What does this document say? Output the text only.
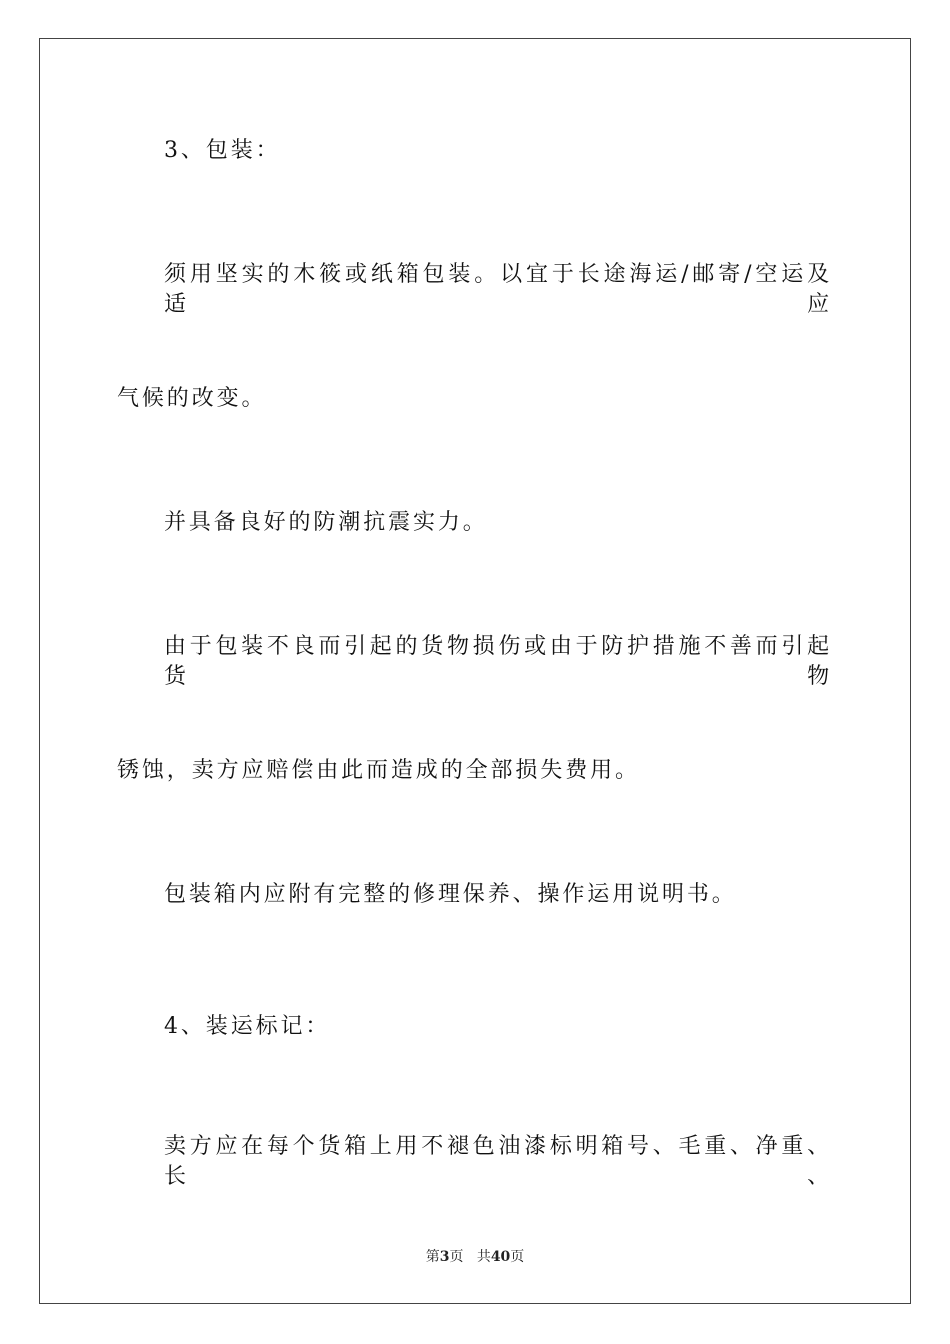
3、包装：
须用坚实的木筱或纸箱包装。以宜于长途海运/邮寄/空运及适应
气候的改变。
并具备良好的防潮抗震实力。
由于包装不良而引起的货物损伤或由于防护措施不善而引起货物
锈蚀，卖方应赔偿由此而造成的全部损失费用。
包装箱内应附有完整的修理保养、操作运用说明书。
4、装运标记：
卖方应在每个货箱上用不褪色油漆标明箱号、毛重、净重、长、
第3页 共40页
